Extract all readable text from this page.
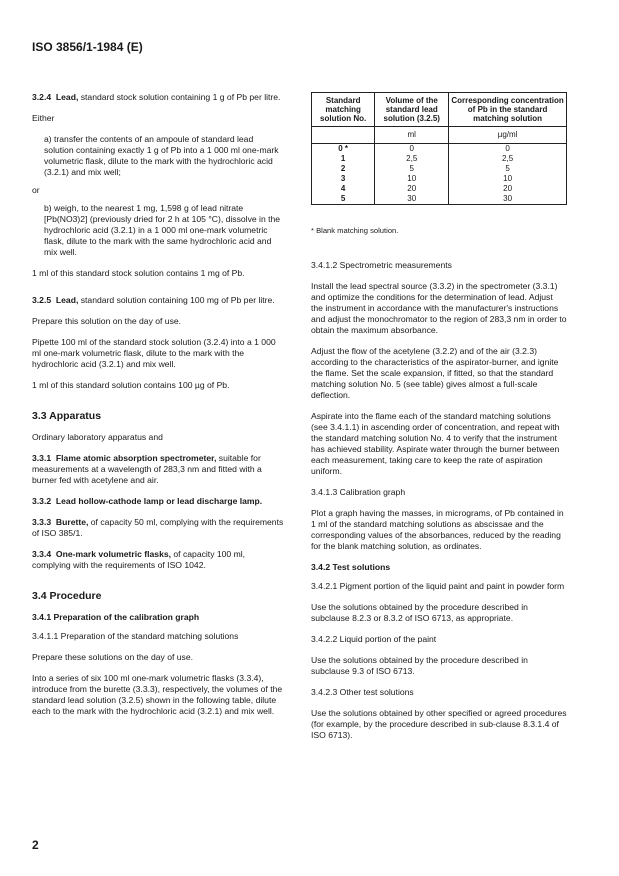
ISO 3856/1-1984 (E)

3.2.4 Lead, standard stock solution containing 1 g of Pb per litre.

Either

a) transfer the contents of an ampoule of standard lead solution containing exactly 1 g of Pb into a 1 000 ml one-mark volumetric flask, dilute to the mark with the hydrochloric acid (3.2.1) and mix well;

or

b) weigh, to the nearest 1 mg, 1,598 g of lead nitrate [Pb(NO3)2] (previously dried for 2 h at 105 °C), dissolve in the hydrochloric acid (3.2.1) in a 1 000 ml one-mark volumetric flask, dilute to the mark with the same hydrochloric acid and mix well.

1 ml of this standard stock solution contains 1 mg of Pb.

3.2.5 Lead, standard solution containing 100 mg of Pb per litre.

Prepare this solution on the day of use.

Pipette 100 ml of the standard stock solution (3.2.4) into a 1 000 ml one-mark volumetric flask, dilute to the mark with the hydrochloric acid (3.2.1) and mix well.

1 ml of this standard solution contains 100 µg of Pb.

3.3 Apparatus

Ordinary laboratory apparatus and

3.3.1 Flame atomic absorption spectrometer, suitable for measurements at a wavelength of 283,3 nm and fitted with a burner fed with acetylene and air.

3.3.2 Lead hollow-cathode lamp or lead discharge lamp.

3.3.3 Burette, of capacity 50 ml, complying with the requirements of ISO 385/1.

3.3.4 One-mark volumetric flasks, of capacity 100 ml, complying with the requirements of ISO 1042.

3.4 Procedure
3.4.1 Preparation of the calibration graph

3.4.1.1 Preparation of the standard matching solutions

Prepare these solutions on the day of use.

Into a series of six 100 ml one-mark volumetric flasks (3.3.4), introduce from the burette (3.3.3), respectively, the volumes of the standard lead solution (3.2.5) shown in the following table, dilute each to the mark with the hydrochloric acid (3.2.1) and mix well.

Standard matching solution No.	Volume of the standard lead solution (3.2.5)	Corresponding concentration of Pb in the standard matching solution
	ml	µg/ml
0 *	0	0
1	2,5	2,5
2	5	5
3	10	10
4	20	20
5	30	30
* Blank matching solution.

3.4.1.2 Spectrometric measurements

Install the lead spectral source (3.3.2) in the spectrometer (3.3.1) and optimize the conditions for the determination of lead. Adjust the instrument in accordance with the manufacturer's instructions and adjust the monochromator to the region of 283,3 nm in order to obtain the maximum absorbance.

Adjust the flow of the acetylene (3.2.2) and of the air (3.2.3) according to the characteristics of the aspirator-burner, and ignite the flame. Set the scale expansion, if fitted, so that the standard matching solution No. 5 (see table) gives almost a full-scale deflection.

Aspirate into the flame each of the standard matching solutions (see 3.4.1.1) in ascending order of concentration, and repeat with the standard matching solution No. 4 to verify that the instrument has achieved stability. Aspirate water through the burner between each measurement, taking care to keep the rate of aspiration uniform.

3.4.1.3 Calibration graph

Plot a graph having the masses, in micrograms, of Pb contained in 1 ml of the standard matching solutions as abscissae and the corresponding values of the absorbances, reduced by the reading for the blank matching solution, as ordinates.

3.4.2 Test solutions

3.4.2.1 Pigment portion of the liquid paint and paint in powder form

Use the solutions obtained by the procedure described in subclause 8.2.3 or 8.3.2 of ISO 6713, as appropriate.

3.4.2.2 Liquid portion of the paint

Use the solutions obtained by the procedure described in subclause 9.3 of ISO 6713.

3.4.2.3 Other test solutions

Use the solutions obtained by other specified or agreed procedures (for example, by the procedure described in sub-clause 8.3.1.4 of ISO 6713).

2
